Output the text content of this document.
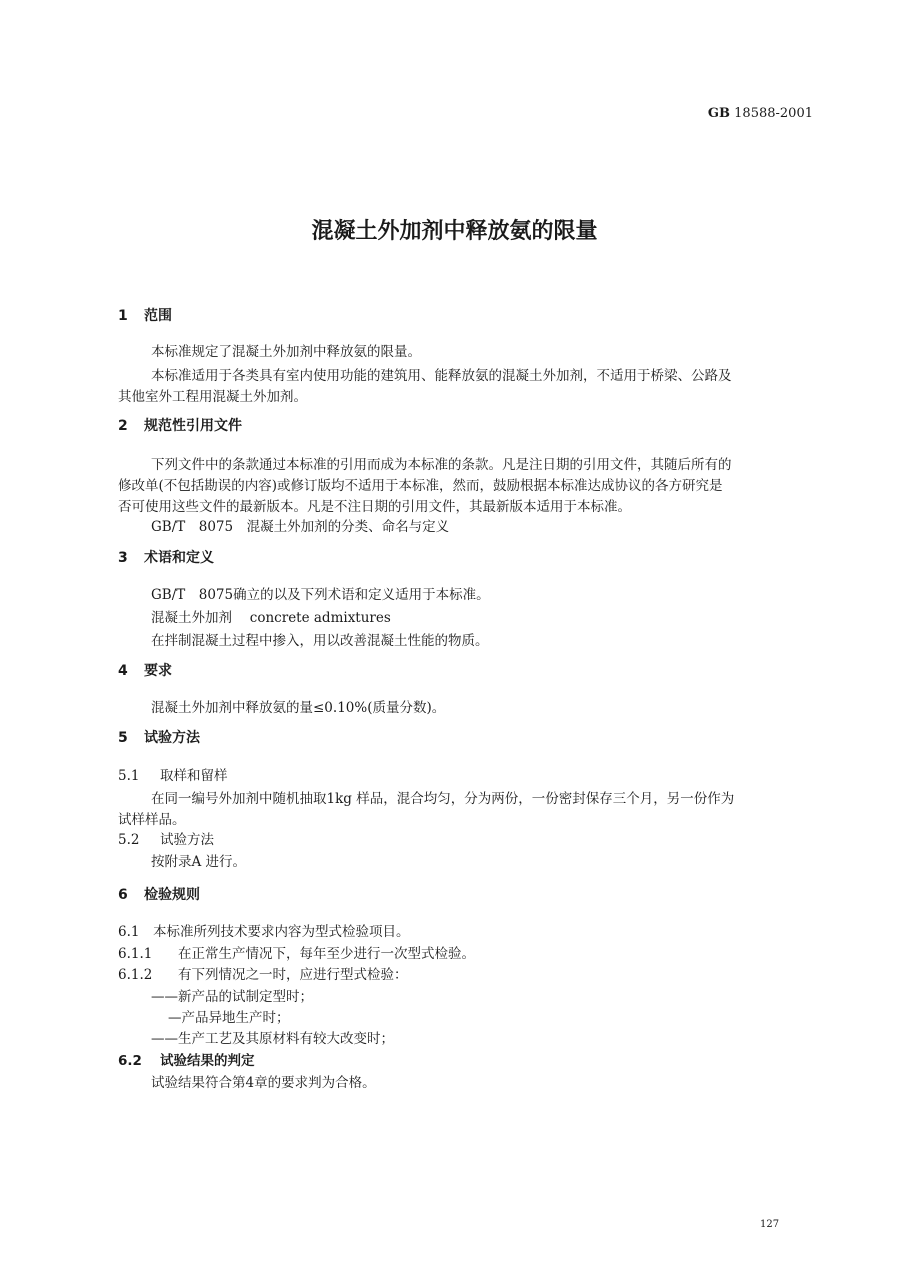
GB 18588-2001
混凝土外加剂中释放氨的限量
1 范围
本标准规定了混凝土外加剂中释放氨的限量。
本标准适用于各类具有室内使用功能的建筑用、能释放氨的混凝土外加剂，不适用于桥梁、公路及
其他室外工程用混凝土外加剂。
2 规范性引用文件
下列文件中的条款通过本标准的引用而成为本标准的条款。凡是注日期的引用文件，其随后所有的
修改单(不包括勘误的内容)或修订版均不适用于本标准，然而，鼓励根据本标准达成协议的各方研究是
否可使用这些文件的最新版本。凡是不注日期的引用文件，其最新版本适用于本标准。
GB/T　8075　混凝土外加剂的分类、命名与定义
3 术语和定义
GB/T　8075确立的以及下列术语和定义适用于本标准。
混凝土外加剂　 concrete admixtures
在拌制混凝土过程中掺入，用以改善混凝土性能的物质。
4 要求
混凝土外加剂中释放氨的量≤0.10%(质量分数)。
5 试验方法
5.1 取样和留样
在同一编号外加剂中随机抽取1kg 样品，混合均匀，分为两份，一份密封保存三个月，另一份作为
试样样品。
5.2 试验方法
按附录A 进行。
6 检验规则
6.1　本标准所列技术要求内容为型式检验项目。
6.1.1 在正常生产情况下，每年至少进行一次型式检验。
6.1.2 有下列情况之一时，应进行型式检验：
——新产品的试制定型时；
—产品异地生产时；
——生产工艺及其原材料有较大改变时；
6.2 试验结果的判定
试验结果符合第4章的要求判为合格。
127
